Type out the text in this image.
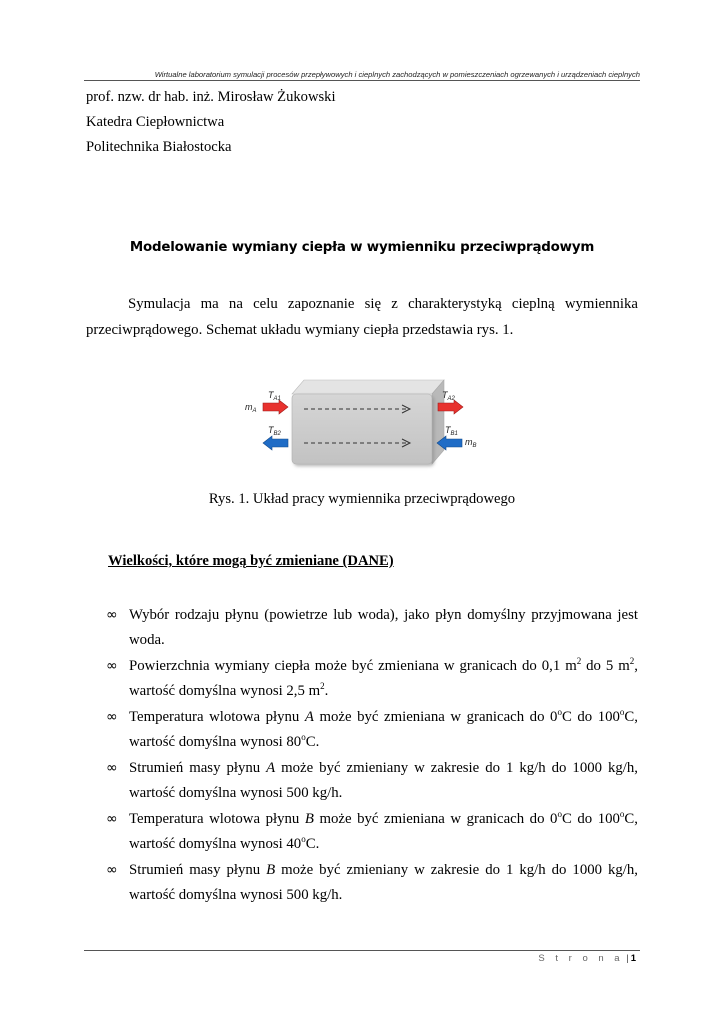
Wirtualne laboratorium symulacji procesów przepływowych i cieplnych zachodzących w pomieszczeniach ogrzewanych i urządzeniach cieplnych
prof. nzw. dr hab. inż. Mirosław Żukowski
Katedra Ciepłownictwa
Politechnika Białostocka
Modelowanie wymiany ciepła w wymienniku przeciwprądowym

Symulacja ma na celu zapoznanie się z charakterystyką cieplną wymiennika przeciwprądowego. Schemat układu wymiany ciepła przedstawia rys. 1.

$T_{A1}$
$m_A$
$T_{A2}$
$T_{B2}$	$T_{B1}$
$m_B$
Rys. 1. Układ pracy wymiennika przeciwprądowego
Wielkości, które mogą być zmieniane (DANE)
∞ Wybór rodzaju płynu (powietrze lub woda), jako płyn domyślny przyjmowana jest woda.
∞ Powierzchnia wymiany ciepła może być zmieniana w granicach do 0,1 $m^2$ do 5 $m^2$, wartość domyślna wynosi 2,5 $m^2$.
∞ Temperatura wlotowa płynu A może być zmieniana w granicach do 0$^o$C do 100$^o$C, wartość domyślna wynosi 80$^o$C.
∞ Strumień masy płynu A może być zmieniany w zakresie do 1 kg/h do 1000 kg/h, wartość domyślna wynosi 500 kg/h.
∞ Temperatura wlotowa płynu B może być zmieniana w granicach do 0$^o$C do 100$^o$C, wartość domyślna wynosi 40$^o$C.
∞ Strumień masy płynu B może być zmieniany w zakresie do 1 kg/h do 1000 kg/h, wartość domyślna wynosi 500 kg/h.
S t r o n a | 1
